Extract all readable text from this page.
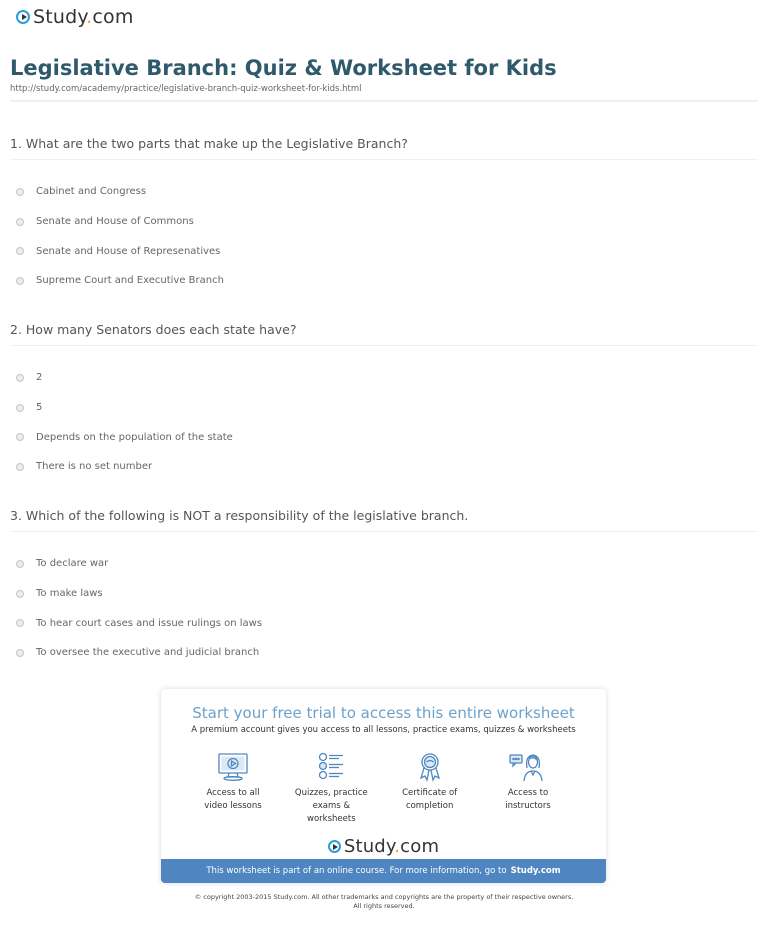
Study.com
Legislative Branch: Quiz & Worksheet for Kids
http://study.com/academy/practice/legislative-branch-quiz-worksheet-for-kids.html
1. What are the two parts that make up the Legislative Branch?
Cabinet and Congress
Senate and House of Commons
Senate and House of Represenatives
Supreme Court and Executive Branch
2. How many Senators does each state have?
2
5
Depends on the population of the state
There is no set number
3. Which of the following is NOT a responsibility of the legislative branch.
To declare war
To make laws
To hear court cases and issue rulings on laws
To oversee the executive and judicial branch
Start your free trial to access this entire worksheet
A premium account gives you access to all lessons, practice exams, quizzes & worksheets
Access to all
video lessons
Quizzes, practice
exams & worksheets
Certificate of
completion
Access to
instructors
Study.com
This worksheet is part of an online course. For more information, go to Study.com
© copyright 2003-2015 Study.com. All other trademarks and copyrights are the property of their respective owners.
All rights reserved.
